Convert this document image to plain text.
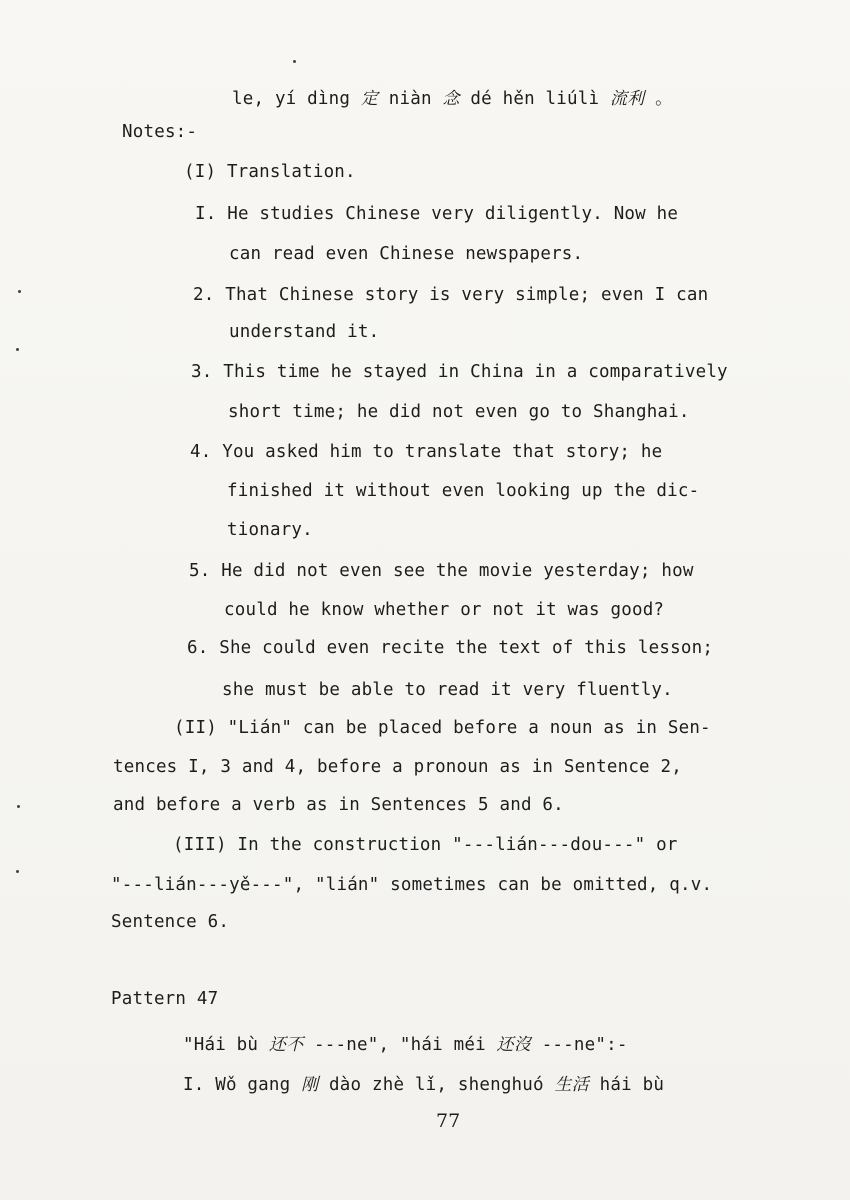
le, yí dìng 定 niàn 念 dé hěn liúlì 流利 。
Notes:-
(I) Translation.
I. He studies Chinese very diligently. Now he
can read even Chinese newspapers.
2. That Chinese story is very simple; even I can
understand it.
3. This time he stayed in China in a comparatively
short time; he did not even go to Shanghai.
4. You asked him to translate that story; he
finished it without even looking up the dic-
tionary.
5. He did not even see the movie yesterday; how
could he know whether or not it was good?
6. She could even recite the text of this lesson;
she must be able to read it very fluently.
(II) "Lián" can be placed before a noun as in Sen-
tences I, 3 and 4, before a pronoun as in Sentence 2,
and before a verb as in Sentences 5 and 6.
(III) In the construction "---lián---dou---" or
"---lián---yě---", "lián" sometimes can be omitted, q.v.
Sentence 6.
Pattern 47
"Hái bù 还不 ---ne", "hái méi 还沒 ---ne":-
I. Wǒ gang 刚 dào zhè lǐ, shenghuó 生活 hái bù
77
